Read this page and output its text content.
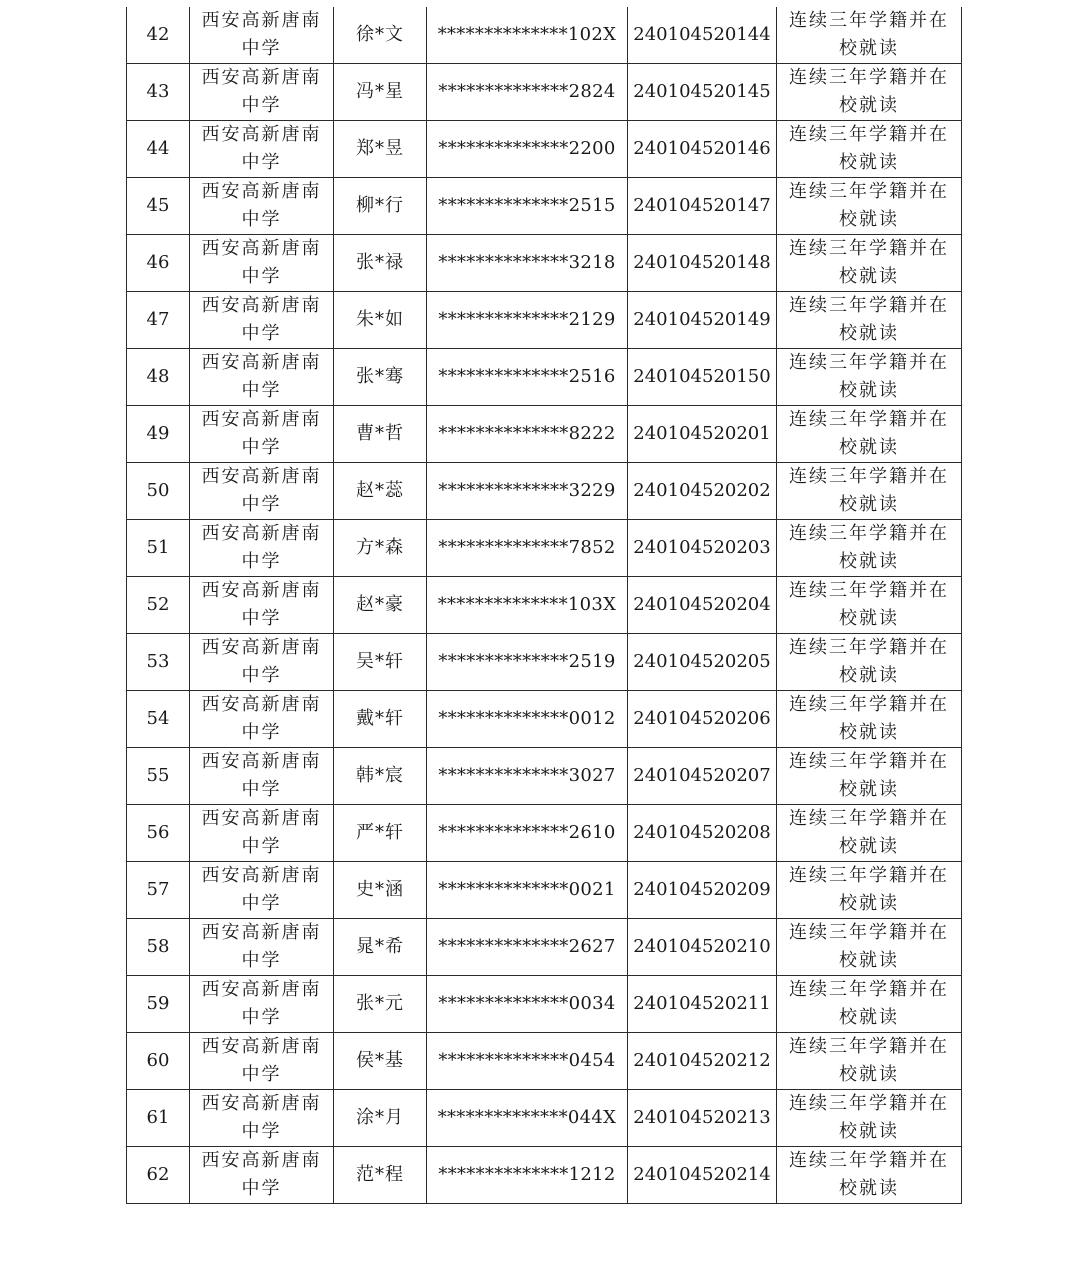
42	西安高新唐南中学	徐*文	**************102X	240104520144	连续三年学籍并在校就读

43	西安高新唐南中学	冯*星	**************2824	240104520145	连续三年学籍并在校就读

44	西安高新唐南中学	郑*昱	**************2200	240104520146	连续三年学籍并在校就读

45	西安高新唐南中学	柳*行	**************2515	240104520147	连续三年学籍并在校就读

46	西安高新唐南中学	张*禄	**************3218	240104520148	连续三年学籍并在校就读

47	西安高新唐南中学	朱*如	**************2129	240104520149	连续三年学籍并在校就读

48	西安高新唐南中学	张*骞	**************2516	240104520150	连续三年学籍并在校就读

49	西安高新唐南中学	曹*哲	**************8222	240104520201	连续三年学籍并在校就读

50	西安高新唐南中学	赵*蕊	**************3229	240104520202	连续三年学籍并在校就读

51	西安高新唐南中学	方*森	**************7852	240104520203	连续三年学籍并在校就读

52	西安高新唐南中学	赵*豪	**************103X	240104520204	连续三年学籍并在校就读

53	西安高新唐南中学	吴*轩	**************2519	240104520205	连续三年学籍并在校就读

54	西安高新唐南中学	戴*轩	**************0012	240104520206	连续三年学籍并在校就读

55	西安高新唐南中学	韩*宸	**************3027	240104520207	连续三年学籍并在校就读

56	西安高新唐南中学	严*轩	**************2610	240104520208	连续三年学籍并在校就读

57	西安高新唐南中学	史*涵	**************0021	240104520209	连续三年学籍并在校就读

58	西安高新唐南中学	晁*希	**************2627	240104520210	连续三年学籍并在校就读

59	西安高新唐南中学	张*元	**************0034	240104520211	连续三年学籍并在校就读

60	西安高新唐南中学	侯*基	**************0454	240104520212	连续三年学籍并在校就读

61	西安高新唐南中学	涂*月	**************044X	240104520213	连续三年学籍并在校就读

62	西安高新唐南中学	范*程	**************1212	240104520214	连续三年学籍并在校就读
